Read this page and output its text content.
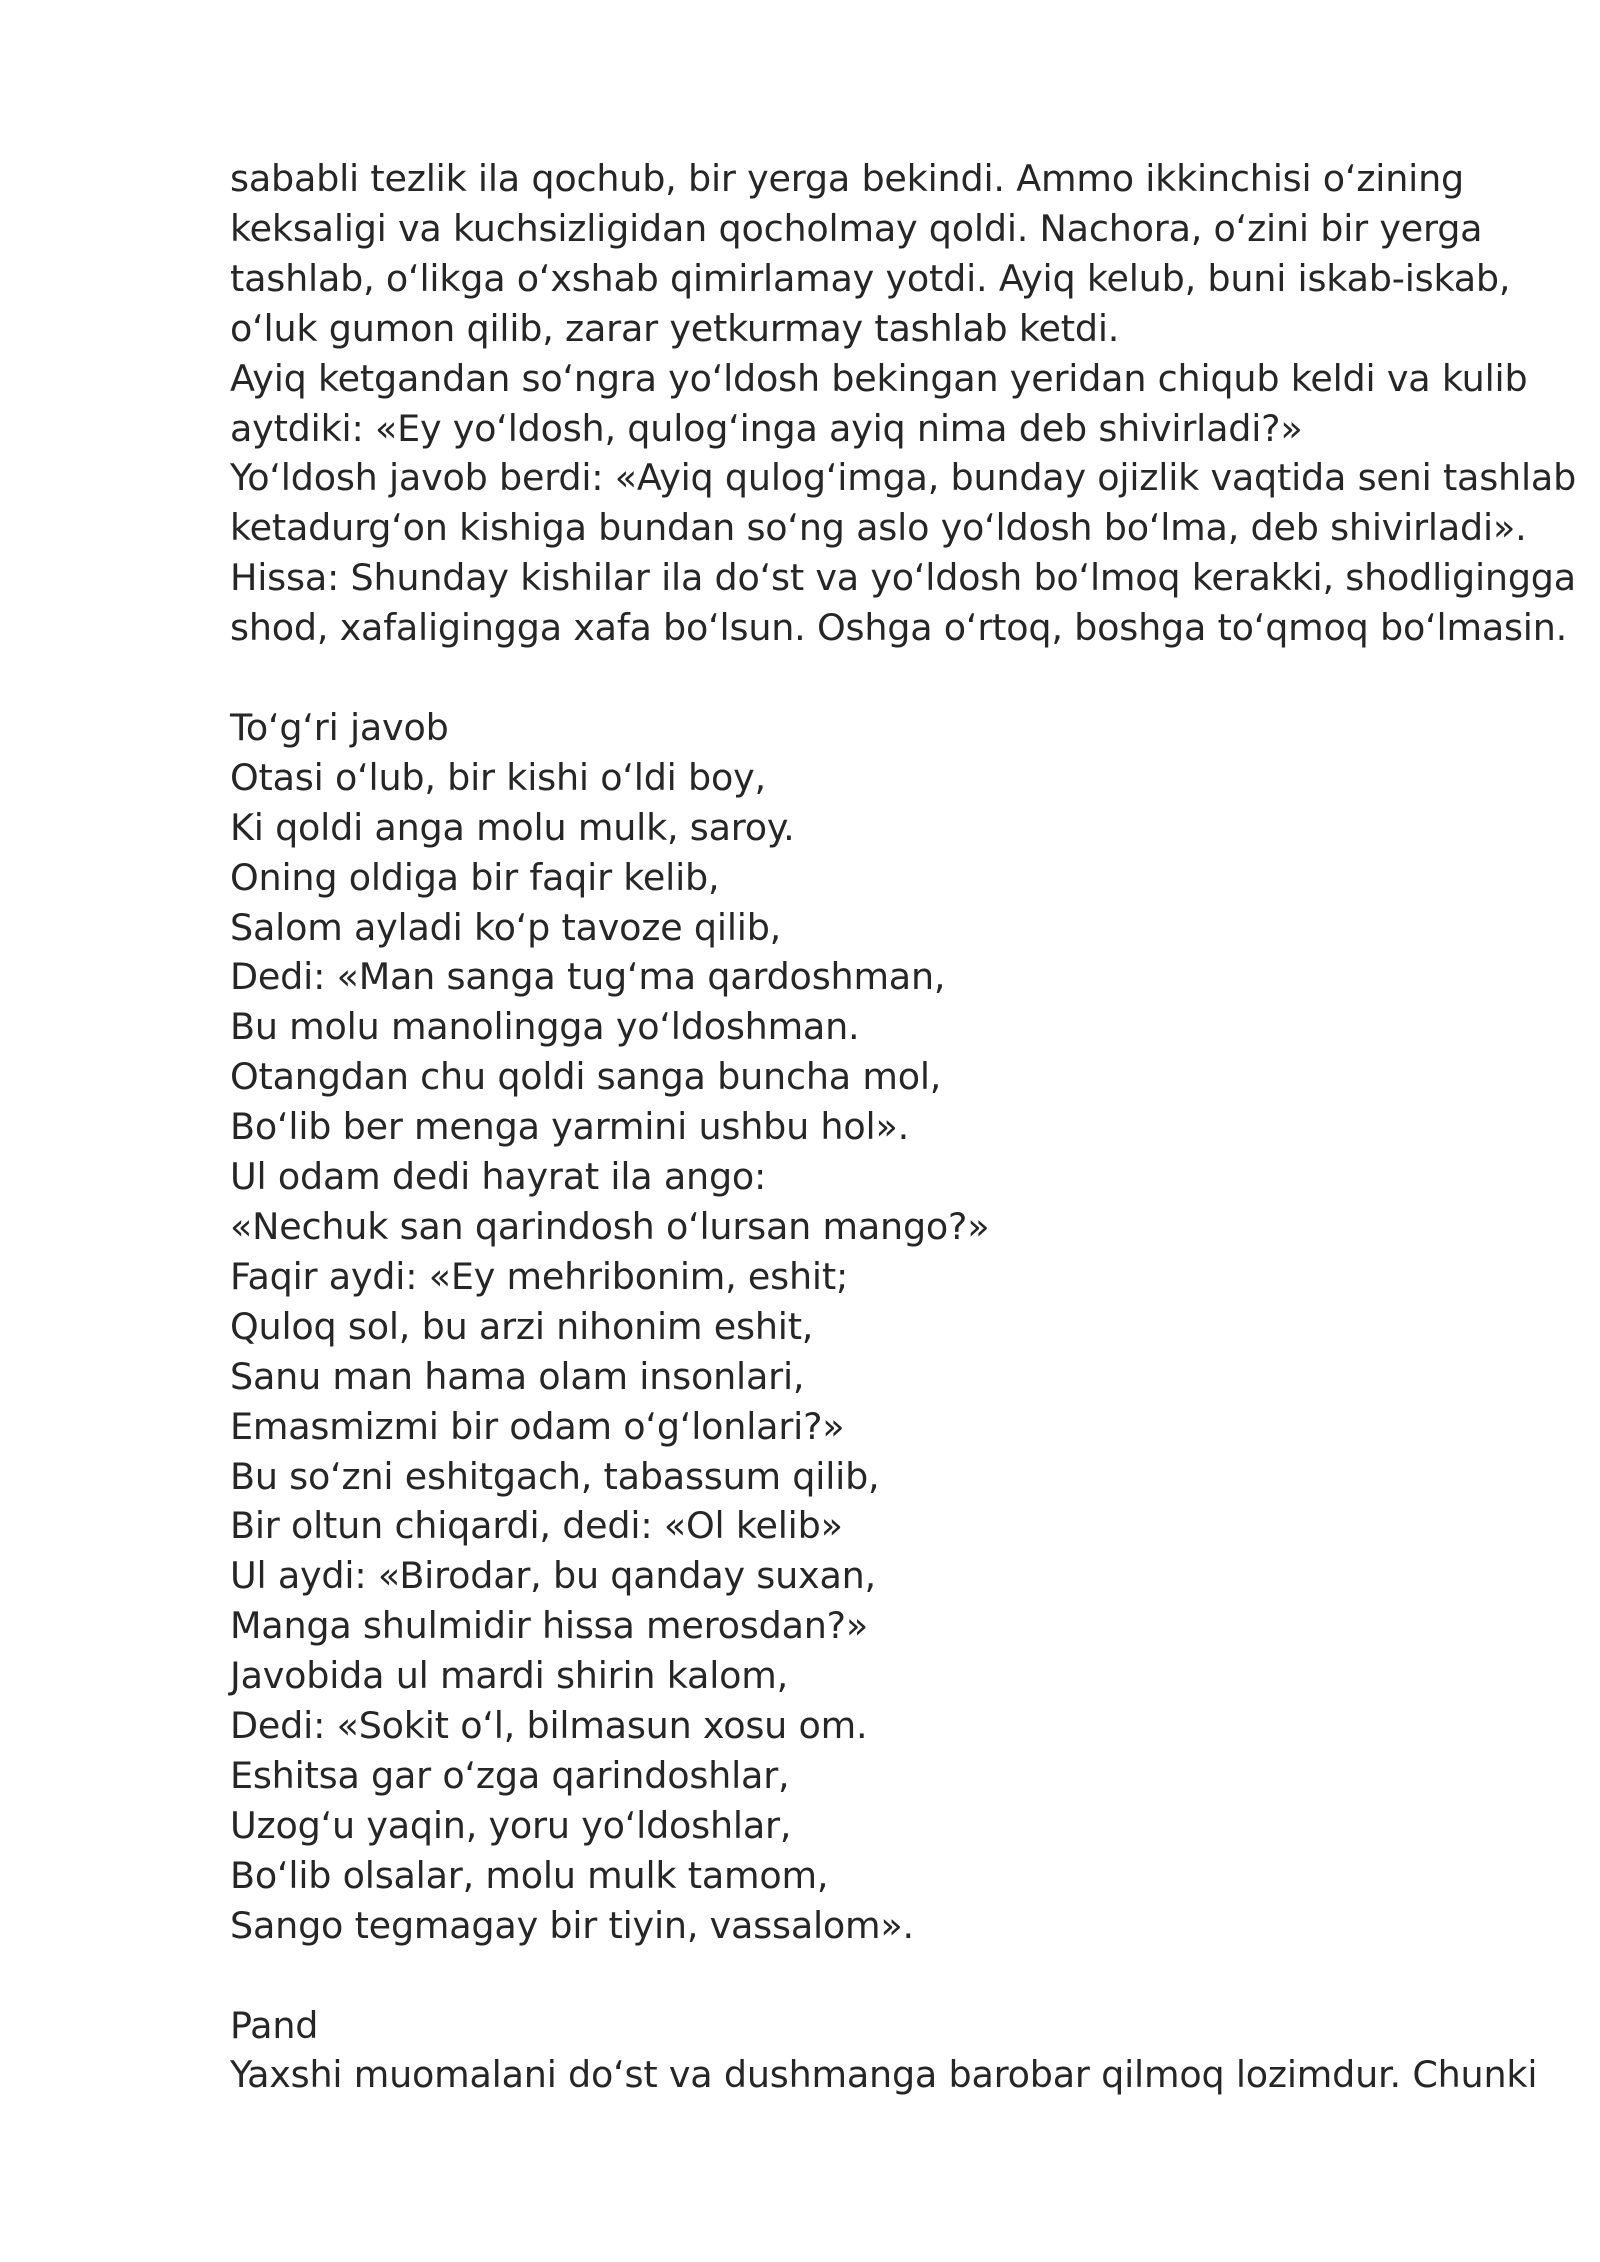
sababli tezlik ila qochub, bir yerga bekindi. Ammo ikkinchisi o‘zining
keksaligi va kuchsizligidan qocholmay qoldi. Nachora, o‘zini bir yerga
tashlab, o‘likga o‘xshab qimirlamay yotdi. Ayiq kelub, buni iskab-iskab,
o‘luk gumon qilib, zarar yetkurmay tashlab ketdi.
Ayiq ketgandan so‘ngra yo‘ldosh bekingan yeridan chiqub keldi va kulib
aytdiki: «Ey yo‘ldosh, qulog‘inga ayiq nima deb shivirladi?»
Yo‘ldosh javob berdi: «Ayiq qulog‘imga, bunday ojizlik vaqtida seni tashlab
ketadurg‘on kishiga bundan so‘ng aslo yo‘ldosh bo‘lma, deb shivirladi».
Hissa: Shunday kishilar ila do‘st va yo‘ldosh bo‘lmoq kerakki, shodligingga
shod, xafaligingga xafa bo‘lsun. Oshga o‘rtoq, boshga to‘qmoq bo‘lmasin.
To‘g‘ri javob
Otasi o‘lub, bir kishi o‘ldi boy,
Ki qoldi anga molu mulk, saroy.
Oning oldiga bir faqir kelib,
Salom ayladi ko‘p tavoze qilib,
Dedi: «Man sanga tug‘ma qardoshman,
Bu molu manolingga yo‘ldoshman.
Otangdan chu qoldi sanga buncha mol,
Bo‘lib ber menga yarmini ushbu hol».
Ul odam dedi hayrat ila ango:
«Nechuk san qarindosh o‘lursan mango?»
Faqir aydi: «Ey mehribonim, eshit;
Quloq sol, bu arzi nihonim eshit,
Sanu man hama olam insonlari,
Emasmizmi bir odam o‘g‘lonlari?»
Bu so‘zni eshitgach, tabassum qilib,
Bir oltun chiqardi, dedi: «Ol kelib»
Ul aydi: «Birodar, bu qanday suxan,
Manga shulmidir hissa merosdan?»
Javobida ul mardi shirin kalom,
Dedi: «Sokit o‘l, bilmasun xosu om.
Eshitsa gar o‘zga qarindoshlar,
Uzog‘u yaqin, yoru yo‘ldoshlar,
Bo‘lib olsalar, molu mulk tamom,
Sango tegmagay bir tiyin, vassalom».
Pand
Yaxshi muomalani do‘st va dushmanga barobar qilmoq lozimdur. Chunki
